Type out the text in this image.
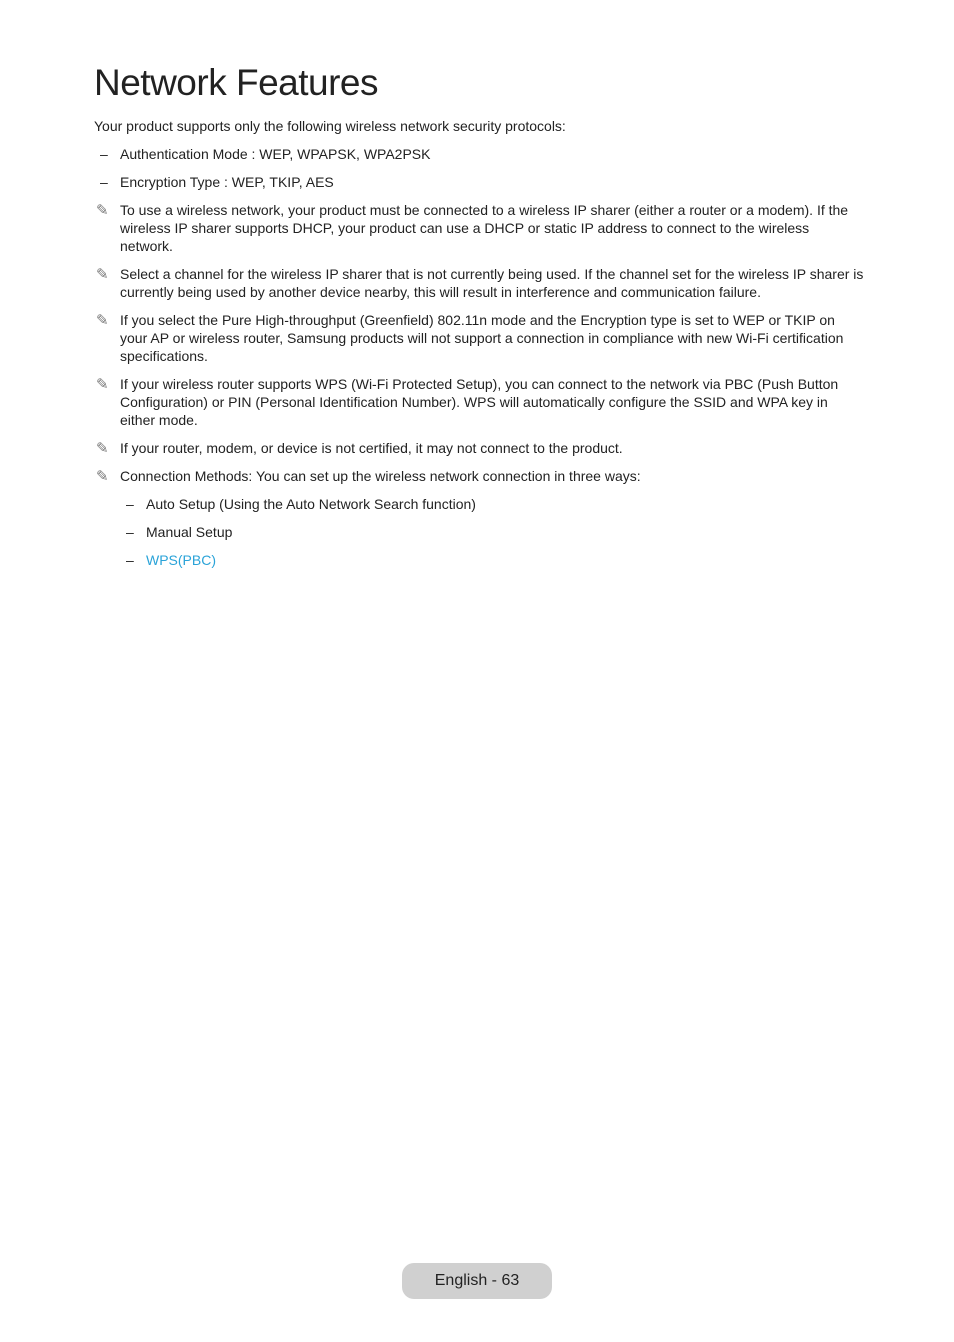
Network Features

Your product supports only the following wireless network security protocols:

– Authentication Mode : WEP, WPAPSK, WPA2PSK
– Encryption Type : WEP, TKIP, AES
✎ To use a wireless network, your product must be connected to a wireless IP sharer (either a router or a modem). If the wireless IP sharer supports DHCP, your product can use a DHCP or static IP address to connect to the wireless network.
✎ Select a channel for the wireless IP sharer that is not currently being used. If the channel set for the wireless IP sharer is currently being used by another device nearby, this will result in interference and communication failure.
✎ If you select the Pure High-throughput (Greenfield) 802.11n mode and the Encryption type is set to WEP or TKIP on your AP or wireless router, Samsung products will not support a connection in compliance with new Wi-Fi certification specifications.
✎ If your wireless router supports WPS (Wi-Fi Protected Setup), you can connect to the network via PBC (Push Button Configuration) or PIN (Personal Identification Number). WPS will automatically configure the SSID and WPA key in either mode.
✎ If your router, modem, or device is not certified, it may not connect to the product.
✎ Connection Methods: You can set up the wireless network connection in three ways:
– Auto Setup (Using the Auto Network Search function)
– Manual Setup
– WPS(PBC)
English - 63
